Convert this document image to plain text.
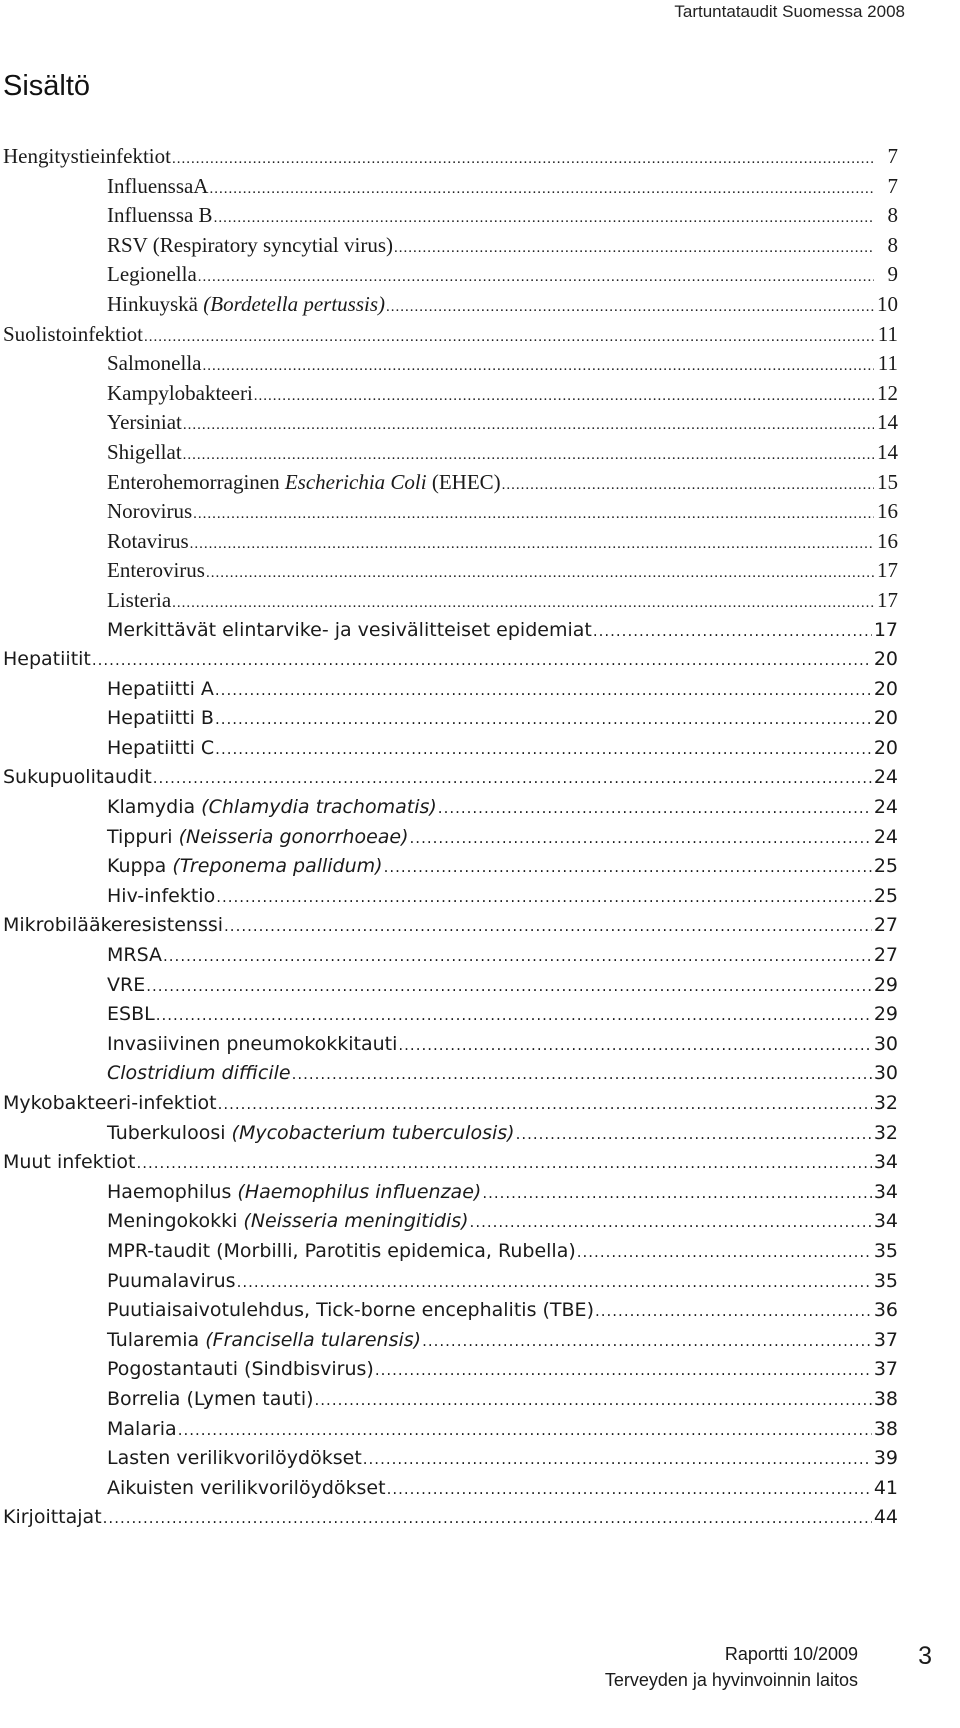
Tartuntataudit Suomessa 2008
Sisältö
Hengitystieinfektiot .....	7
InfluenssaA .....	7
Influenssa B .....	8
RSV (Respiratory syncytial virus) .....	8
Legionella .....	9
Hinkuyskä (Bordetella pertussis) .....	10
Suolistoinfektiot .....	11
Salmonella .....	11
Kampylobakteeri .....	12
Yersiniat .....	14
Shigellat .....	14
Enterohemorraginen Escherichia Coli (EHEC) .....	15
Norovirus .....	16
Rotavirus .....	16
Enterovirus .....	17
Listeria .....	17
Merkittävät elintarvike- ja vesivälitteiset epidemiat .....	17
Hepatiitit .....	20
Hepatiitti A .....	20
Hepatiitti B .....	20
Hepatiitti C .....	20
Sukupuolitaudit .....	24
Klamydia (Chlamydia trachomatis) .....	24
Tippuri (Neisseria gonorrhoeae) .....	24
Kuppa (Treponema pallidum) .....	25
Hiv-infektio .....	25
Mikrobilääkeresistenssi .....	27
MRSA .....	27
VRE .....	29
ESBL .....	29
Invasiivinen pneumokokkitauti .....	30
Clostridium difficile .....	30
Mykobakteeri-infektiot .....	32
Tuberkuloosi (Mycobacterium tuberculosis) .....	32
Muut infektiot .....	34
Haemophilus (Haemophilus influenzae) .....	34
Meningokokki (Neisseria meningitidis) .....	34
MPR-taudit (Morbilli, Parotitis epidemica, Rubella) .....	35
Puumalavirus .....	35
Puutiaisaivotulehdus, Tick-borne encephalitis (TBE) .....	36
Tularemia (Francisella tularensis) .....	37
Pogostantauti (Sindbisvirus) .....	37
Borrelia (Lymen tauti) .....	38
Malaria .....	38
Lasten verilikvorilöydökset .....	39
Aikuisten verilikvorilöydökset .....	41
Kirjoittajat .....	44
Raportti 10/2009
Terveyden ja hyvinvoinnin laitos
3
